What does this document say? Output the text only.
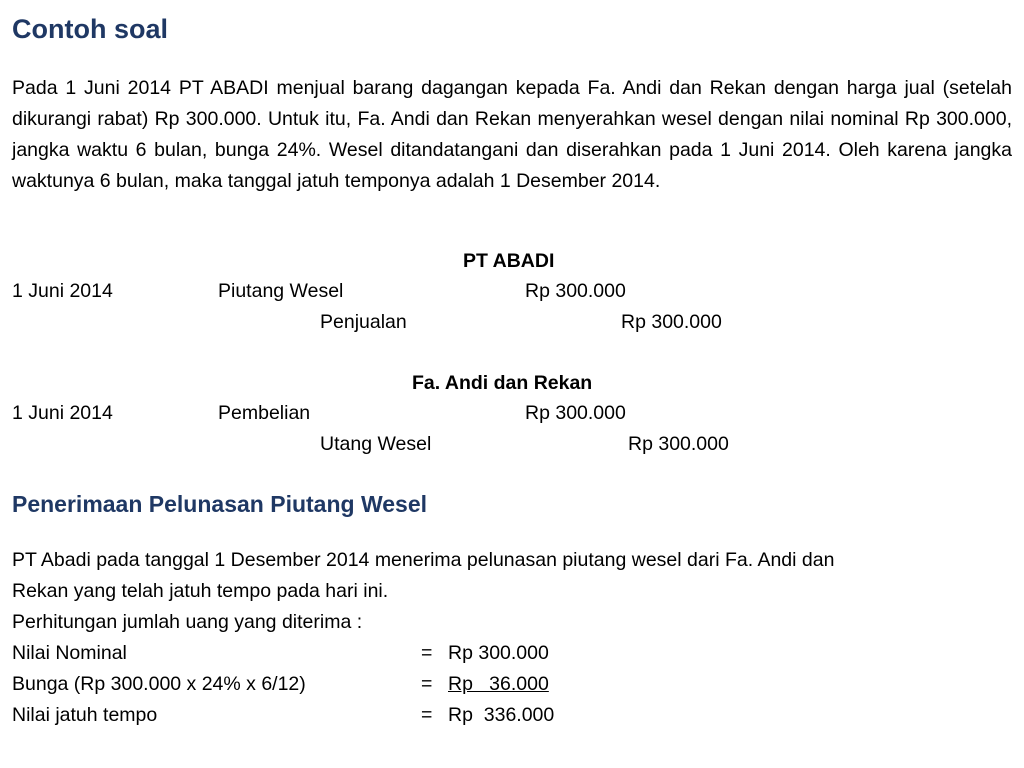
Contoh soal
Pada 1 Juni 2014 PT ABADI menjual barang dagangan kepada Fa. Andi dan Rekan dengan harga jual (setelah dikurangi rabat) Rp 300.000. Untuk itu, Fa. Andi dan Rekan menyerahkan wesel dengan nilai nominal Rp 300.000, jangka waktu 6 bulan, bunga 24%. Wesel ditandatangani dan diserahkan pada 1 Juni 2014. Oleh karena jangka waktunya 6 bulan, maka tanggal jatuh temponya adalah 1 Desember 2014.
PT ABADI
1 Juni 2014	Piutang Wesel	Rp 300.000
Penjualan	Rp 300.000
Fa. Andi dan Rekan
1 Juni 2014	Pembelian	Rp 300.000
Utang Wesel	Rp 300.000
Penerimaan Pelunasan Piutang Wesel
PT Abadi pada tanggal 1 Desember 2014 menerima pelunasan piutang wesel dari Fa. Andi dan
Rekan yang telah jatuh tempo pada hari ini.
Perhitungan jumlah uang yang diterima :
Nilai Nominal	= Rp 300.000
Bunga (Rp 300.000 x 24% x 6/12)	= Rp   36.000
Nilai jatuh tempo	= Rp  336.000
